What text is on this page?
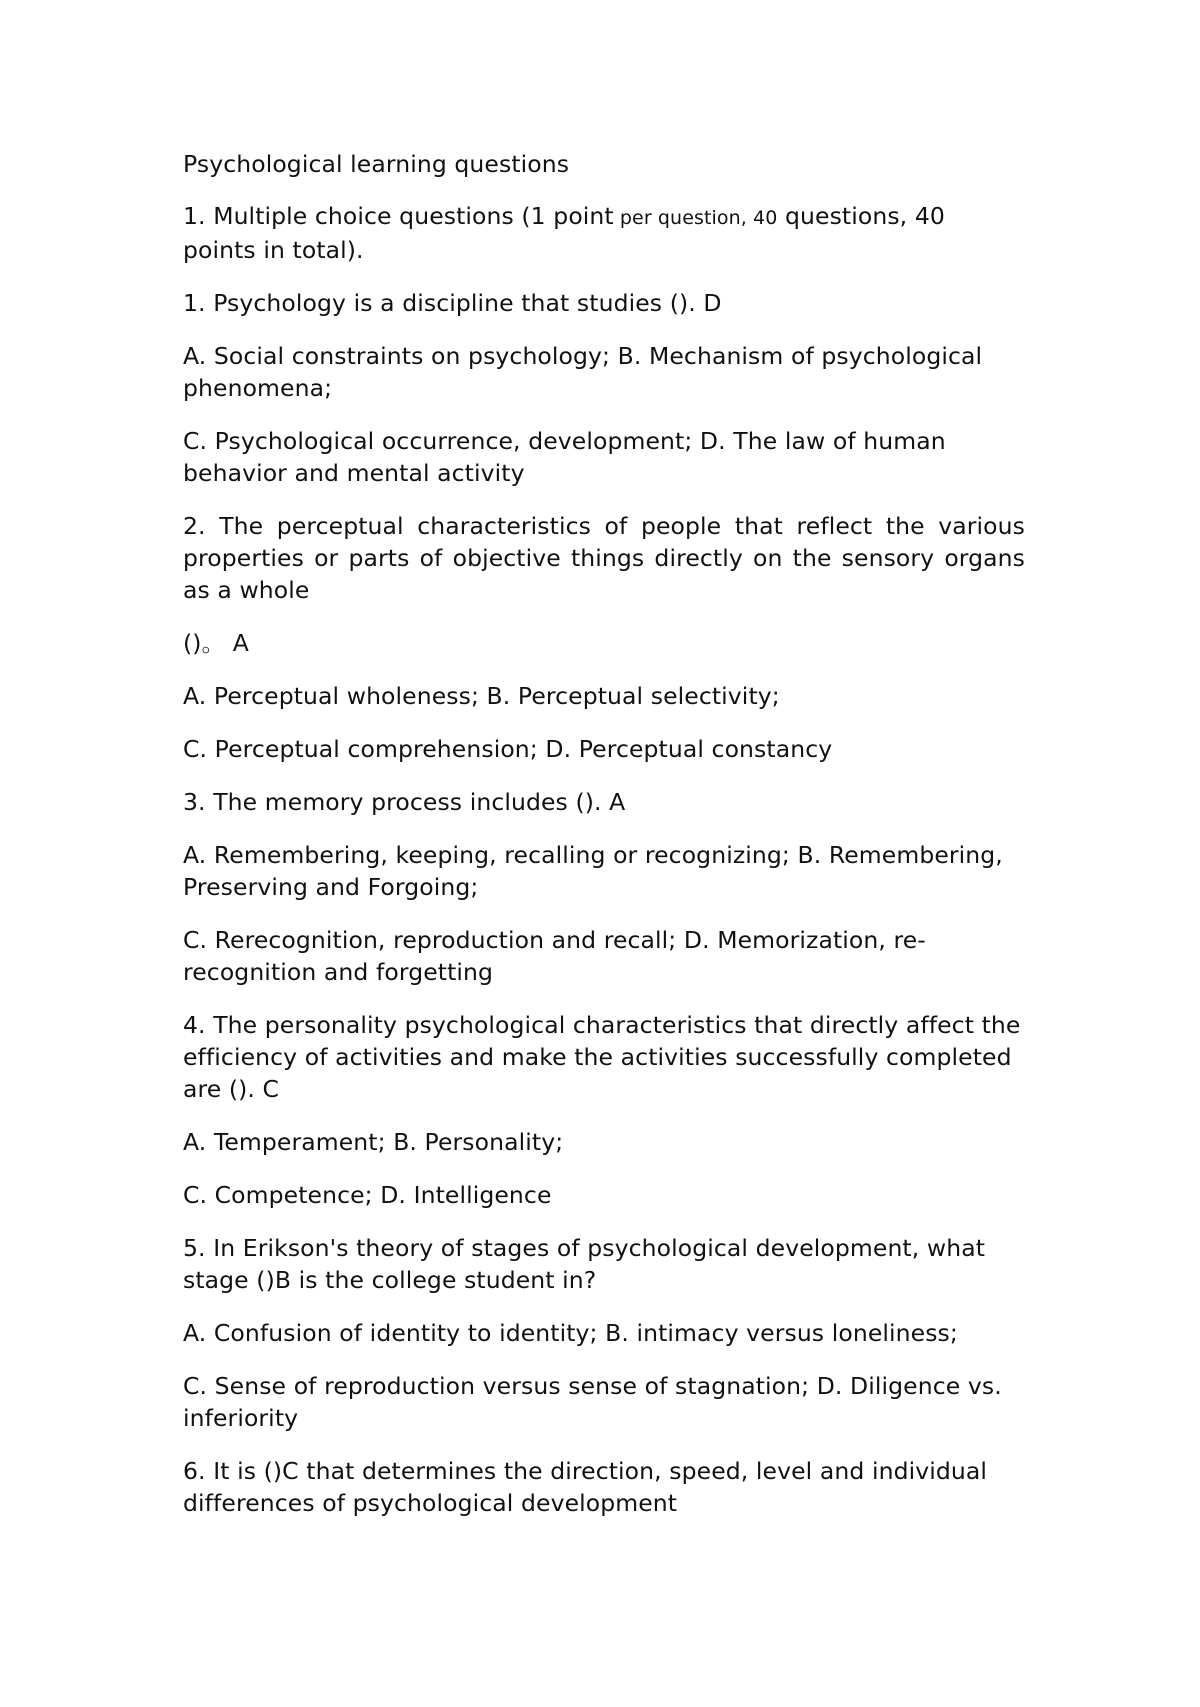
Psychological learning questions

1. Multiple choice questions (1 point per question, 40 questions, 40 points in total).

1. Psychology is a discipline that studies (). D

A. Social constraints on psychology; B. Mechanism of psychological phenomena;

C. Psychological occurrence, development; D. The law of human behavior and mental activity

2. The perceptual characteristics of people that reflect the various properties or parts of objective things directly on the sensory organs as a whole

()。 A

A. Perceptual wholeness; B. Perceptual selectivity;

C. Perceptual comprehension; D. Perceptual constancy

3. The memory process includes (). A

A. Remembering, keeping, recalling or recognizing; B. Remembering, Preserving and Forgoing;

C. Rerecognition, reproduction and recall; D. Memorization, re-recognition and forgetting

4. The personality psychological characteristics that directly affect the efficiency of activities and make the activities successfully completed are (). C

A. Temperament; B. Personality;

C. Competence; D. Intelligence

5. In Erikson's theory of stages of psychological development, what stage ()B is the college student in?

A. Confusion of identity to identity; B. intimacy versus loneliness;

C. Sense of reproduction versus sense of stagnation; D. Diligence vs. inferiority

6. It is ()C that determines the direction, speed, level and individual differences of psychological development
